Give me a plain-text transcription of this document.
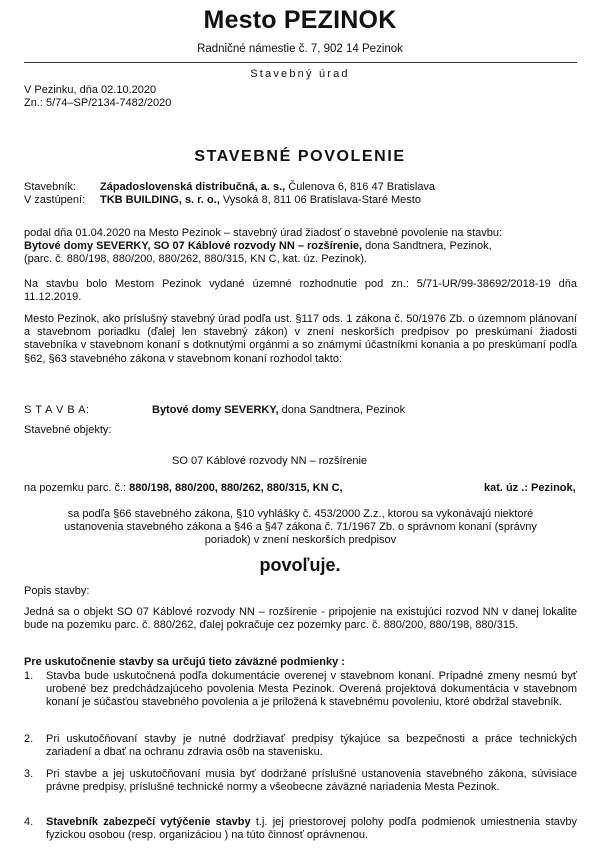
Mesto PEZINOK
Radničné námestie č. 7, 902 14 Pezinok
Stavebný úrad
V Pezinku, dňa 02.10.2020
Zn.: 5/74–SP/2134-7482/2020
STAVEBNÉ POVOLENIE
Stavebník: Západoslovenská distribučná, a. s., Čulenova 6, 816 47 Bratislava
V zastúpení: TKB BUILDING, s. r. o., Vysoká 8, 811 06 Bratislava-Staré Mesto
podal dňa 01.04.2020 na Mesto Pezinok – stavebný úrad žiadosť o stavebné povolenie na stavbu:
Bytové domy SEVERKY, SO 07 Káblové rozvody NN – rozšírenie, dona Sandtnera, Pezinok,
(parc. č. 880/198, 880/200, 880/262, 880/315, KN C, kat. úz. Pezinok).
Na stavbu bolo Mestom Pezinok vydané územné rozhodnutie pod zn.: 5/71-UR/99-38692/2018-19 dňa 11.12.2019.
Mesto Pezinok, ako príslušný stavebný úrad podľa ust. §117 ods. 1 zákona č. 50/1976 Zb. o územnom plánovaní a stavebnom poriadku (ďalej len stavebný zákon) v znení neskorších predpisov po preskúmaní žiadosti stavebníka v stavebnom konaní s dotknutými orgánmi a so známymi účastníkmi konania a po preskúmaní podľa §62, §63 stavebného zákona v stavebnom konaní rozhodol takto:
S T A V B A:	Bytové domy SEVERKY, dona Sandtnera, Pezinok
Stavebné objekty:
SO 07 Káblové rozvody NN – rozšírenie
na pozemku parc. č.: 880/198, 880/200, 880/262, 880/315, KN C,	kat. úz .: Pezinok,
sa podľa §66 stavebného zákona, §10 vyhlášky č. 453/2000 Z.z., ktorou sa vykonávajú niektoré
ustanovenia stavebného zákona a §46 a §47 zákona č. 71/1967 Zb. o správnom konaní (správny
poriadok) v znení neskorších predpisov
povoľuje.
Popis stavby:
Jedná sa o objekt SO 07 Káblové rozvody NN – rozšírenie - pripojenie na existujúci rozvod NN v danej lokalite bude na pozemku parc. č. 880/262, ďalej pokračuje cez pozemky parc. č. 880/200, 880/198, 880/315.
Pre uskutočnenie stavby sa určujú tieto záväzné podmienky :
1.	Stavba bude uskutočnená podľa dokumentácie overenej v stavebnom konaní. Prípadné zmeny nesmú byť urobené bez predchádzajúceho povolenia Mesta Pezinok. Overená projektová dokumentácia v stavebnom konaní je súčasťou stavebného povolenia a je priložená k stavebnému povoleniu, ktoré obdržal stavebník.
2.	Pri uskutočňovaní stavby je nutné dodržiavať predpisy týkajúce sa bezpečnosti a práce technických zariadení a dbať na ochranu zdravia osôb na stavenisku.
3.	Pri stavbe a jej uskutočňovaní musia byť dodržané príslušné ustanovenia stavebného zákona, súvisiace právne predpisy, príslušné technické normy a všeobecne záväzné nariadenia Mesta Pezinok.
4.	Stavebník zabezpečí vytýčenie stavby t.j. jej priestorovej polohy podľa podmienok umiestnenia stavby fyzickou osobou (resp. organizáciou ) na túto činnosť oprávnenou.
